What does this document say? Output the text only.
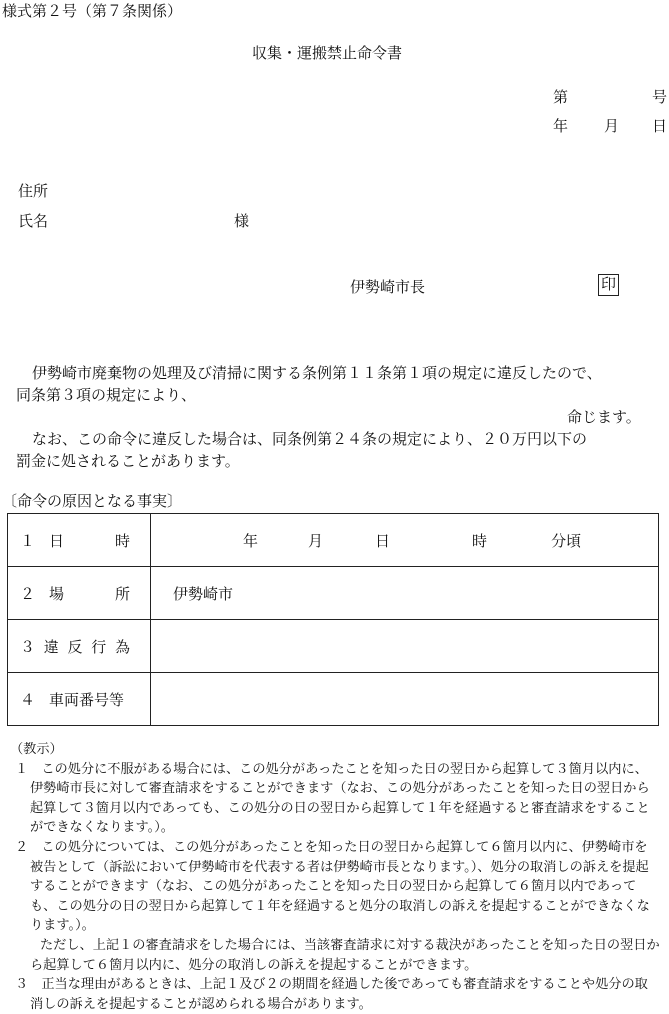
様式第２号（第７条関係）
収集・運搬禁止命令書
第	号
年 月 日
住所
氏名	様
伊勢崎市長	印

伊勢崎市廃棄物の処理及び清掃に関する条例第１１条第１項の規定に違反したので、

同条第３項の規定により、

命じます。

なお、この命令に違反した場合は、同条例第２４条の規定により、２０万円以下の

罰金に処されることがあります。

〔命令の原因となる事実〕
１ 日 時	年 月 日 時 分頃

２ 場 所	伊勢崎市

３ 違 反 行 為	

４ 車両番号等	

（教示）

１　この処分に不服がある場合には、この処分があったことを知った日の翌日から起算して３箇月以内に、伊勢崎市長に対して審査請求をすることができます（なお、この処分があったことを知った日の翌日から起算して３箇月以内であっても、この処分の日の翌日から起算して１年を経過すると審査請求をすることができなくなります。）。

２　この処分については、この処分があったことを知った日の翌日から起算して６箇月以内に、伊勢崎市を被告として（訴訟において伊勢崎市を代表する者は伊勢崎市長となります。）、処分の取消しの訴えを提起することができます（なお、この処分があったことを知った日の翌日から起算して６箇月以内であっても、この処分の日の翌日から起算して１年を経過すると処分の取消しの訴えを提起することができなくなります。）。

ただし、上記１の審査請求をした場合には、当該審査請求に対する裁決があったことを知った日の翌日から起算して６箇月以内に、処分の取消しの訴えを提起することができます。

３　正当な理由があるときは、上記１及び２の期間を経過した後であっても審査請求をすることや処分の取消しの訴えを提起することが認められる場合があります。
